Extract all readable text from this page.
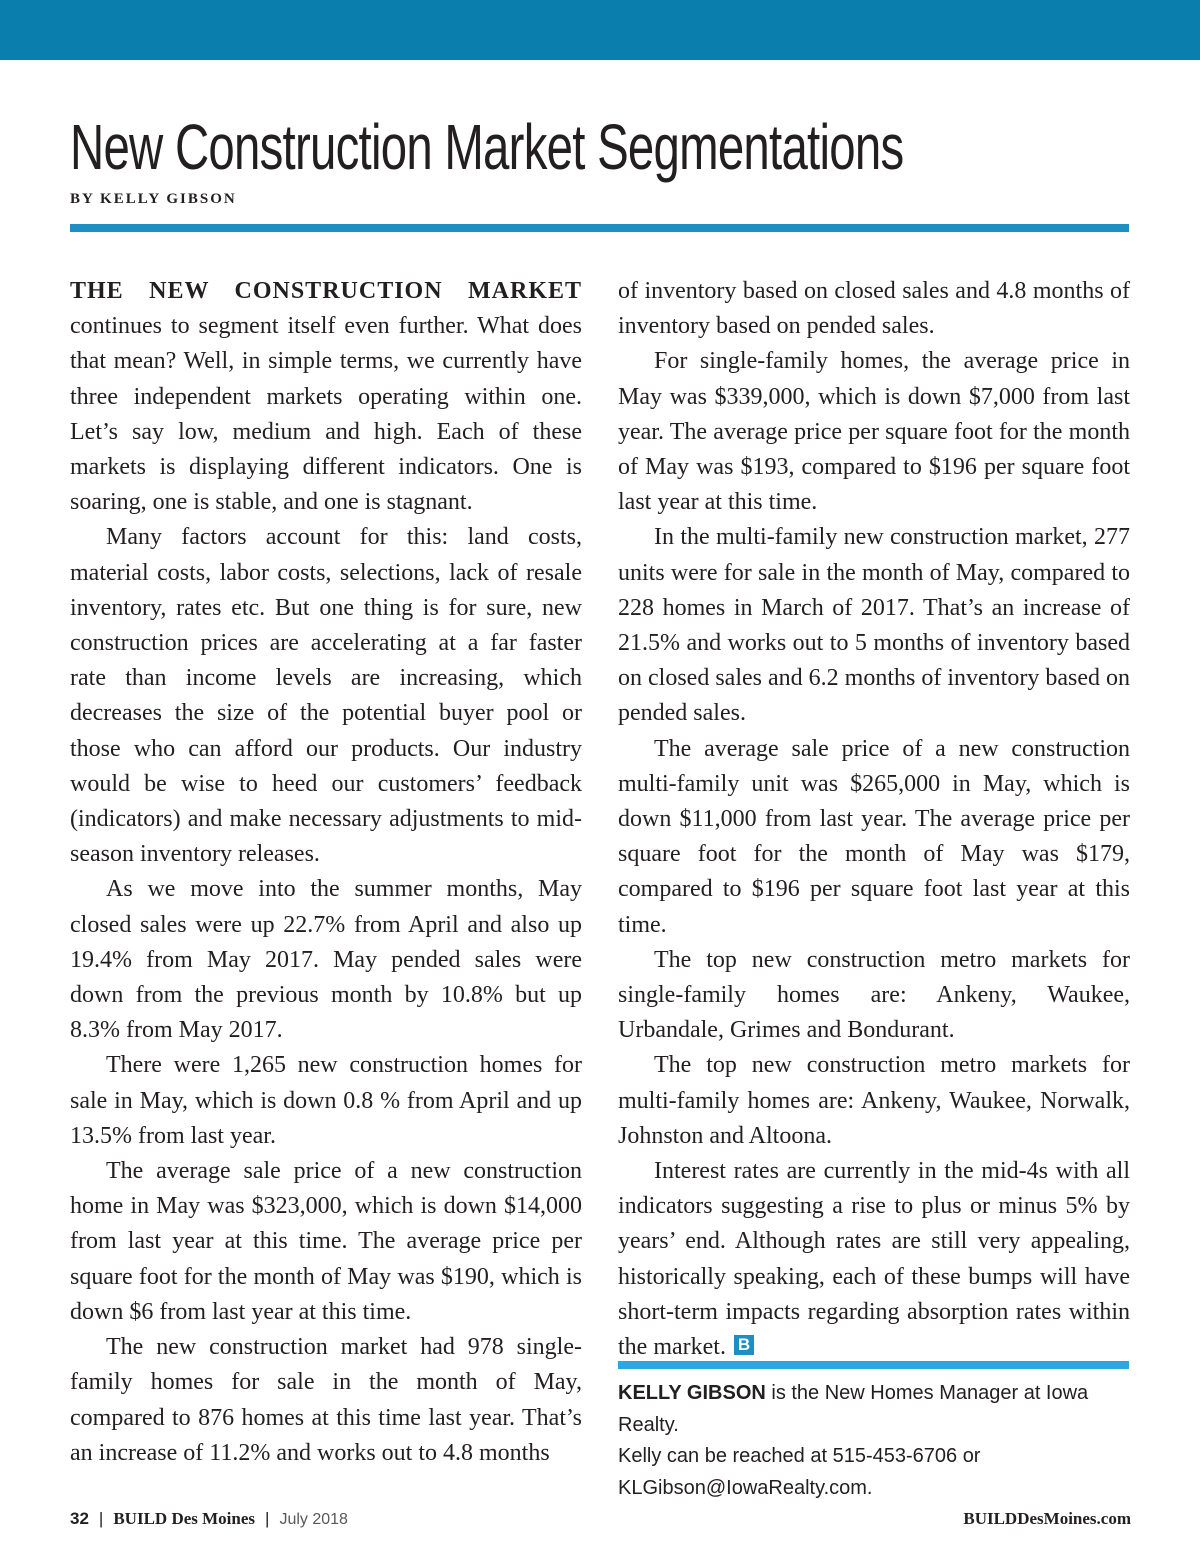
New Construction Market Segmentations
BY KELLY GIBSON

THE NEW CONSTRUCTION MARKET continues to segment itself even further. What does that mean? Well, in simple terms, we currently have three independent markets operating within one. Let’s say low, medium and high. Each of these markets is displaying different indicators. One is soaring, one is stable, and one is stagnant.

Many factors account for this: land costs, material costs, labor costs, selections, lack of resale inventory, rates etc. But one thing is for sure, new construction prices are accelerating at a far faster rate than income levels are increasing, which decreases the size of the potential buyer pool or those who can afford our products. Our industry would be wise to heed our customers’ feedback (indicators) and make necessary adjustments to mid-season inventory releases.

As we move into the summer months, May closed sales were up 22.7% from April and also up 19.4% from May 2017. May pended sales were down from the previous month by 10.8% but up 8.3% from May 2017.

There were 1,265 new construction homes for sale in May, which is down 0.8 % from April and up 13.5% from last year.

The average sale price of a new construction home in May was $323,000, which is down $14,000 from last year at this time. The average price per square foot for the month of May was $190, which is down $6 from last year at this time.

The new construction market had 978 single-family homes for sale in the month of May, compared to 876 homes at this time last year. That’s an increase of 11.2% and works out to 4.8 months

of inventory based on closed sales and 4.8 months of inventory based on pended sales.

For single-family homes, the average price in May was $339,000, which is down $7,000 from last year. The average price per square foot for the month of May was $193, compared to $196 per square foot last year at this time.

In the multi-family new construction market, 277 units were for sale in the month of May, compared to 228 homes in March of 2017. That’s an increase of 21.5% and works out to 5 months of inventory based on closed sales and 6.2 months of inventory based on pended sales.

The average sale price of a new construction multi-family unit was $265,000 in May, which is down $11,000 from last year. The average price per square foot for the month of May was $179, compared to $196 per square foot last year at this time.

The top new construction metro markets for single-family homes are: Ankeny, Waukee, Urbandale, Grimes and Bondurant.

The top new construction metro markets for multi-family homes are: Ankeny, Waukee, Norwalk, Johnston and Altoona.

Interest rates are currently in the mid-4s with all indicators suggesting a rise to plus or minus 5% by years’ end. Although rates are still very appealing, historically speaking, each of these bumps will have short-term impacts regarding absorption rates within the market. B

KELLY GIBSON is the New Homes Manager at Iowa Realty.
Kelly can be reached at 515-453-6706 or
KLGibson@IowaRealty.com.
32 | BUILD Des Moines | July 2018	BUILDDesMoines.com
